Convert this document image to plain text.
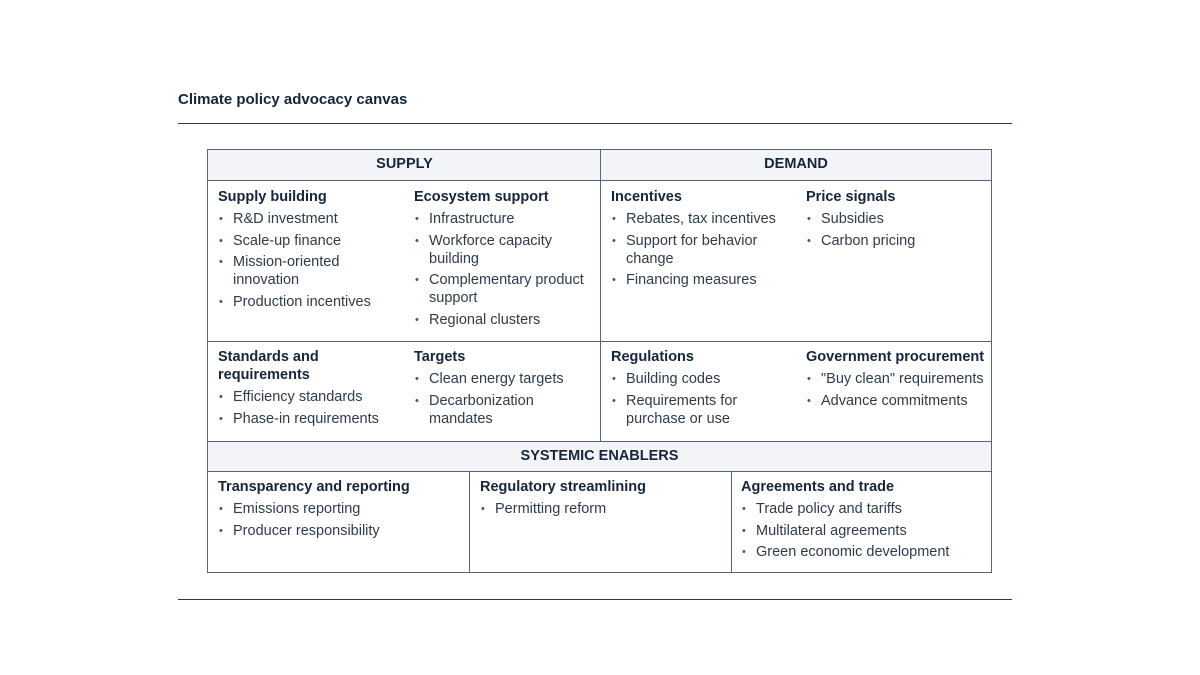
Climate policy advocacy canvas
SUPPLY	DEMAND
SYSTEMIC ENABLERS
Supply building
• R&D investment
• Scale-up finance
• Mission-oriented innovation
• Production incentives
Ecosystem support
• Infrastructure
• Workforce capacity building
• Complementary product support
• Regional clusters
Incentives
• Rebates, tax incentives
• Support for behavior change
• Financing measures
Price signals
• Subsidies
• Carbon pricing
Standards and requirements
• Efficiency standards
• Phase-in requirements
Targets
• Clean energy targets
• Decarbonization mandates
Regulations
• Building codes
• Requirements for purchase or use
Government procurement
• "Buy clean" requirements
• Advance commitments
Transparency and reporting
• Emissions reporting
• Producer responsibility
Regulatory streamlining
• Permitting reform
Agreements and trade
• Trade policy and tariffs
• Multilateral agreements
• Green economic development
